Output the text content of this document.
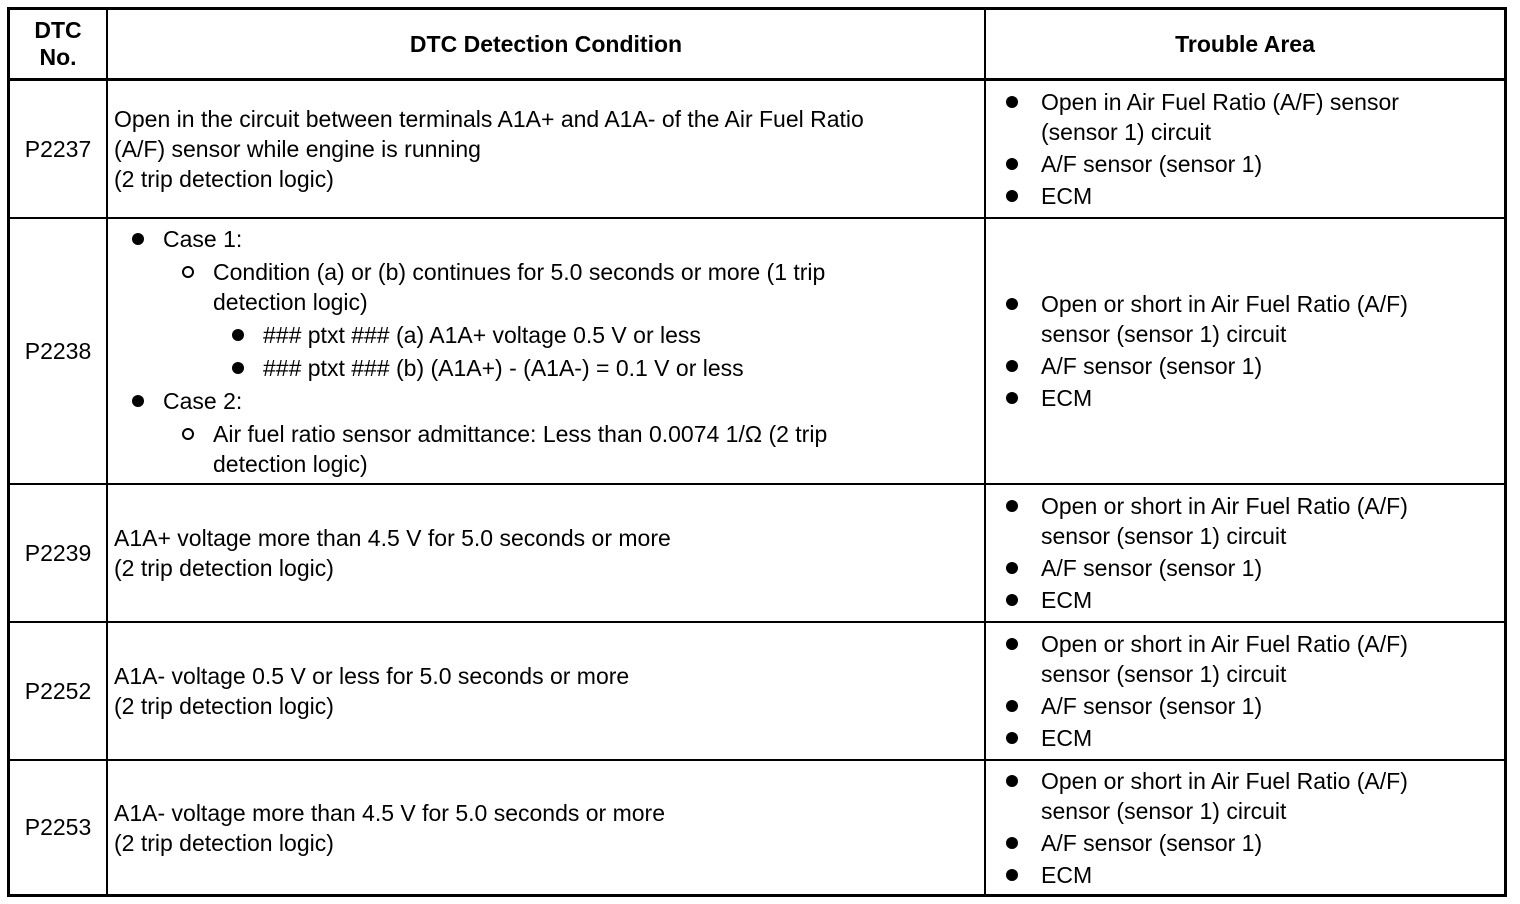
DTC
No.
DTC Detection Condition	Trouble Area
P2237
Open in the circuit between terminals A1A+ and A1A- of the Air Fuel Ratio
(A/F) sensor while engine is running
(2 trip detection logic)
Open in Air Fuel Ratio (A/F) sensor
(sensor 1) circuit
A/F sensor (sensor 1)
ECM
P2238
Case 1:
Condition (a) or (b) continues for 5.0 seconds or more (1 trip
detection logic)
### ptxt ### (a) A1A+ voltage 0.5 V or less
### ptxt ### (b) (A1A+) - (A1A-) = 0.1 V or less
Case 2:
Air fuel ratio sensor admittance: Less than 0.0074 1/Ω (2 trip
detection logic)
Open or short in Air Fuel Ratio (A/F)
sensor (sensor 1) circuit
A/F sensor (sensor 1)
ECM
P2239
A1A+ voltage more than 4.5 V for 5.0 seconds or more
(2 trip detection logic)
Open or short in Air Fuel Ratio (A/F)
sensor (sensor 1) circuit
A/F sensor (sensor 1)
ECM
P2252
A1A- voltage 0.5 V or less for 5.0 seconds or more
(2 trip detection logic)
Open or short in Air Fuel Ratio (A/F)
sensor (sensor 1) circuit
A/F sensor (sensor 1)
ECM
P2253
A1A- voltage more than 4.5 V for 5.0 seconds or more
(2 trip detection logic)
Open or short in Air Fuel Ratio (A/F)
sensor (sensor 1) circuit
A/F sensor (sensor 1)
ECM
